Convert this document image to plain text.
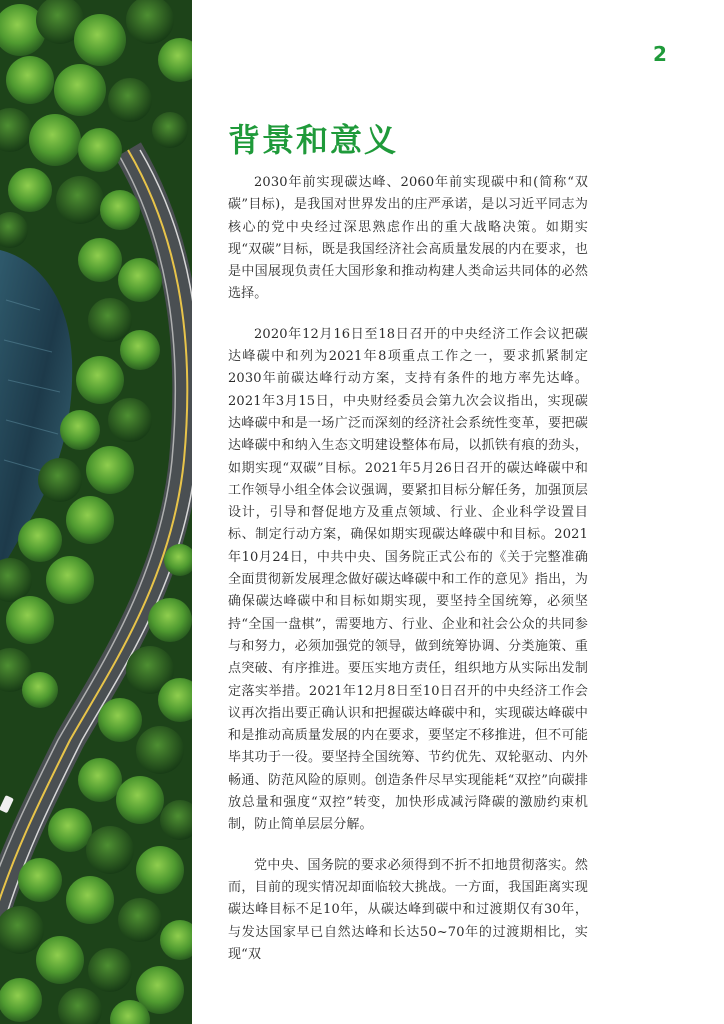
2
背景和意义

2030年前实现碳达峰、2060年前实现碳中和(简称“双碳”目标)，是我国对世界发出的庄严承诺，是以习近平同志为核心的党中央经过深思熟虑作出的重大战略决策。如期实现“双碳”目标，既是我国经济社会高质量发展的内在要求，也是中国展现负责任大国形象和推动构建人类命运共同体的必然选择。

2020年12月16日至18日召开的中央经济工作会议把碳达峰碳中和列为2021年8项重点工作之一，要求抓紧制定2030年前碳达峰行动方案，支持有条件的地方率先达峰。2021年3月15日，中央财经委员会第九次会议指出，实现碳达峰碳中和是一场广泛而深刻的经济社会系统性变革，要把碳达峰碳中和纳入生态文明建设整体布局，以抓铁有痕的劲头，如期实现“双碳”目标。2021年5月26日召开的碳达峰碳中和工作领导小组全体会议强调，要紧扣目标分解任务，加强顶层设计，引导和督促地方及重点领域、行业、企业科学设置目标、制定行动方案，确保如期实现碳达峰碳中和目标。2021年10月24日，中共中央、国务院正式公布的《关于完整准确全面贯彻新发展理念做好碳达峰碳中和工作的意见》指出，为确保碳达峰碳中和目标如期实现，要坚持全国统筹，必须坚持“全国一盘棋”，需要地方、行业、企业和社会公众的共同参与和努力，必须加强党的领导，做到统筹协调、分类施策、重点突破、有序推进。要压实地方责任，组织地方从实际出发制定落实举措。2021年12月8日至10日召开的中央经济工作会议再次指出要正确认识和把握碳达峰碳中和，实现碳达峰碳中和是推动高质量发展的内在要求，要坚定不移推进，但不可能毕其功于一役。要坚持全国统筹、节约优先、双轮驱动、内外畅通、防范风险的原则。创造条件尽早实现能耗“双控”向碳排放总量和强度“双控”转变，加快形成减污降碳的激励约束机制，防止简单层层分解。

党中央、国务院的要求必须得到不折不扣地贯彻落实。然而，目前的现实情况却面临较大挑战。一方面，我国距离实现碳达峰目标不足10年，从碳达峰到碳中和过渡期仅有30年，与发达国家早已自然达峰和长达50~70年的过渡期相比，实现“双
